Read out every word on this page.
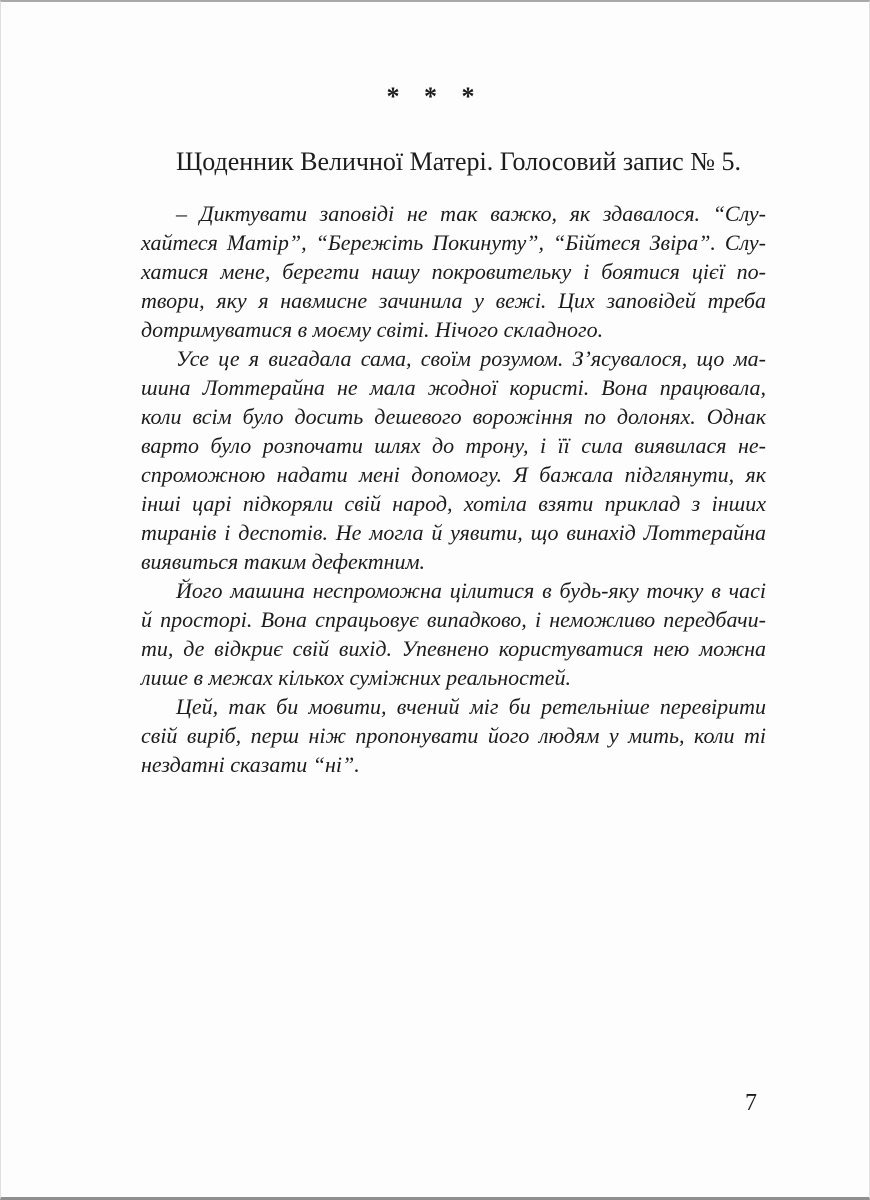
* * *
Щоденник Величної Матері. Голосовий запис № 5.
– Диктувати заповіді не так важко, як здавалося. “Слу-
хайтеся Матір”, “Бережіть Покинуту”, “Бійтеся Звіра”. Слу-
хатися мене, берегти нашу покровительку і боятися цієї по-
твори, яку я навмисне зачинила у вежі. Цих заповідей треба
дотримуватися в моєму світі. Нічого складного.
Усе це я вигадала сама, своїм розумом. З’ясувалося, що ма-
шина Лоттерайна не мала жодної користі. Вона працювала,
коли всім було досить дешевого ворожіння по долонях. Однак
варто було розпочати шлях до трону, і її сила виявилася не-
спроможною надати мені допомогу. Я бажала підглянути, як
інші царі підкоряли свій народ, хотіла взяти приклад з інших
тиранів і деспотів. Не могла й уявити, що винахід Лоттерайна
виявиться таким дефектним.
Його машина неспроможна цілитися в будь-яку точку в часі
й просторі. Вона спрацьовує випадково, і неможливо передбачи-
ти, де відкриє свій вихід. Упевнено користуватися нею можна
лише в межах кількох суміжних реальностей.
Цей, так би мовити, вчений міг би ретельніше перевірити
свій виріб, перш ніж пропонувати його людям у мить, коли ті
нездатні сказати “ні”.
7
